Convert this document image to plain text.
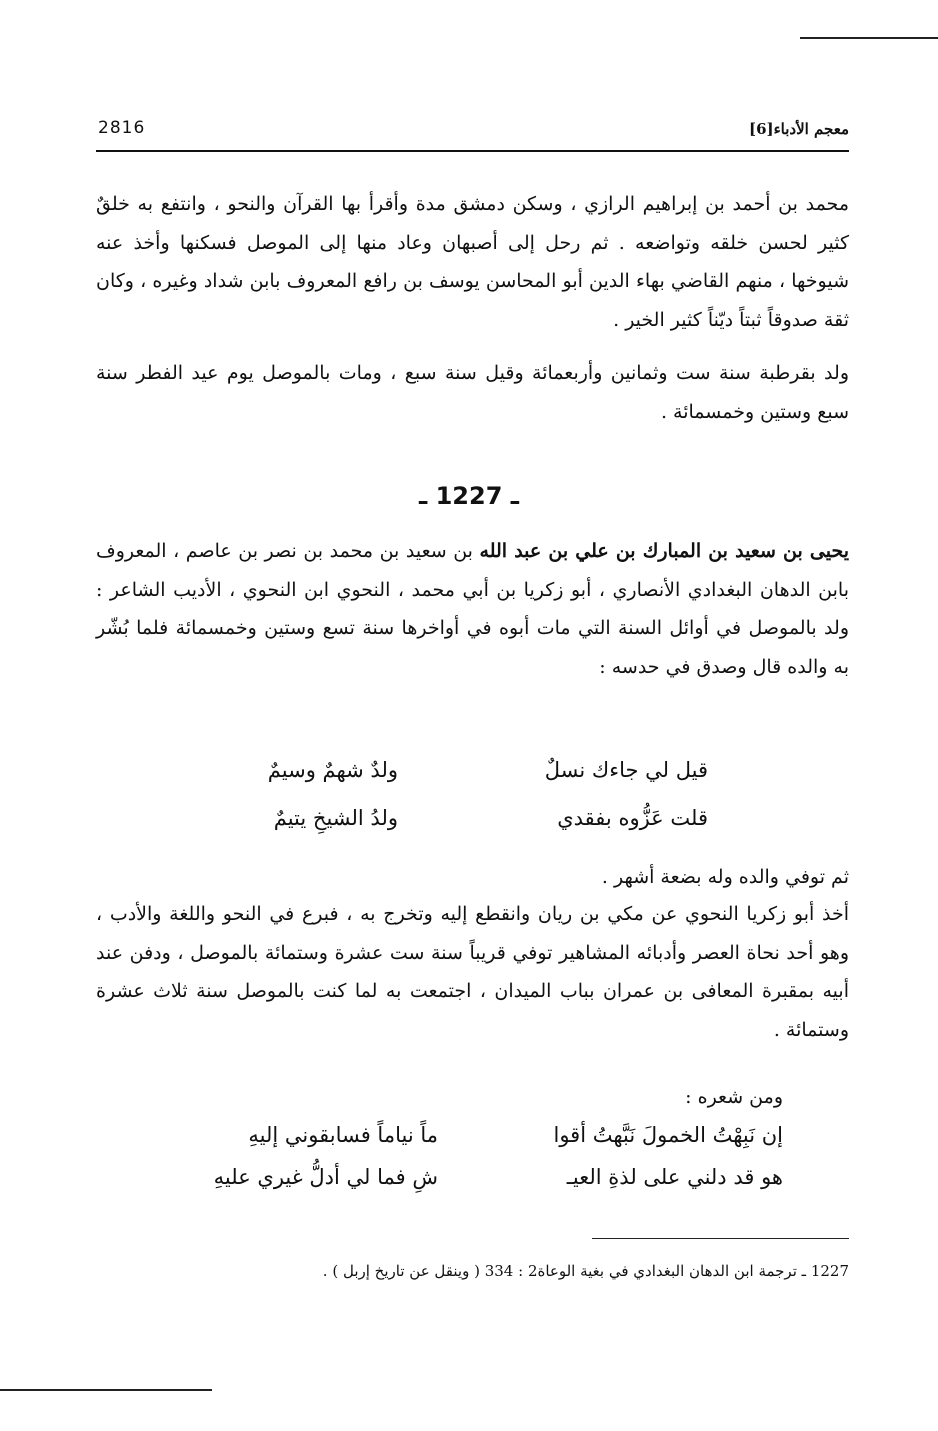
2816	معجم الأدباء[6]

محمد بن أحمد بن إبراهيم الرازي ، وسكن دمشق مدة وأقرأ بها القرآن والنحو ، وانتفع به خلقٌ كثير لحسن خلقه وتواضعه . ثم رحل إلى أصبهان وعاد منها إلى الموصل فسكنها وأخذ عنه شيوخها ، منهم القاضي بهاء الدين أبو المحاسن يوسف بن رافع المعروف بابن شداد وغيره ، وكان ثقة صدوقاً ثبتاً ديّناً كثير الخير .

ولد بقرطبة سنة ست وثمانين وأربعمائة وقيل سنة سبع ، ومات بالموصل يوم عيد الفطر سنة سبع وستين وخمسمائة .

ـ 1227 ـ

يحيى بن سعيد بن المبارك بن علي بن عبد الله بن سعيد بن محمد بن نصر بن عاصم ، المعروف بابن الدهان البغدادي الأنصاري ، أبو زكريا بن أبي محمد ، النحوي ابن النحوي ، الأديب الشاعر : ولد بالموصل في أوائل السنة التي مات أبوه في أواخرها سنة تسع وستين وخمسمائة فلما بُشّر به والده قال وصدق في حدسه :

قيل لي جاءك نسلٌ
ولدٌ شهمٌ وسيمٌ
قلت عَزُّوه بفقدي
ولدُ الشيخِ يتيمٌ

ثم توفي والده وله بضعة أشهر .

أخذ أبو زكريا النحوي عن مكي بن ريان وانقطع إليه وتخرج به ، فبرع في النحو واللغة والأدب ، وهو أحد نحاة العصر وأدبائه المشاهير توفي قريباً سنة ست عشرة وستمائة بالموصل ، ودفن عند أبيه بمقبرة المعافى بن عمران بباب الميدان ، اجتمعت به لما كنت بالموصل سنة ثلاث عشرة وستمائة .

ومن شعره :
إن نَبِهْتُ الخمولَ نَبَّهتُ أقوا
ماً نياماً فسابقوني إليهِ
هو قد دلني على لذةِ العيـ
شِ فما لي أدلُّ غيري عليهِ
1227 ـ ترجمة ابن الدهان البغدادي في بغية الوعاة2 : 334 ( وينقل عن تاريخ إربل ) .
